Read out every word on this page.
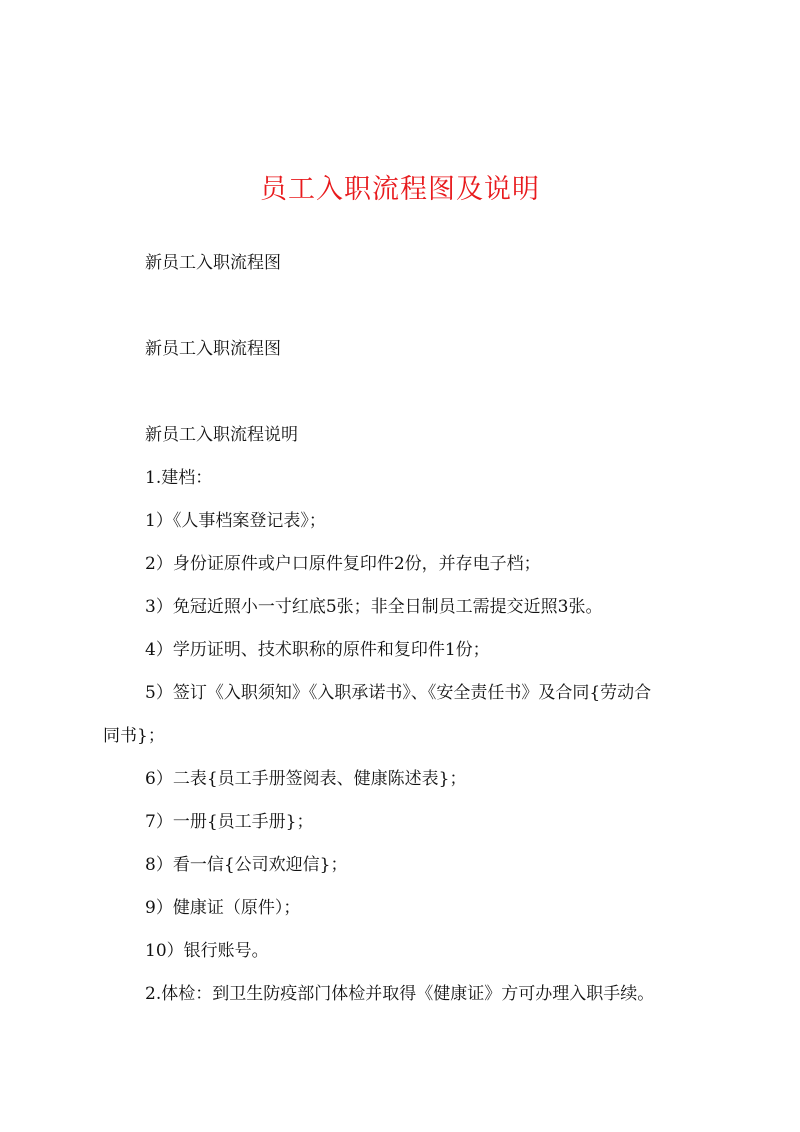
员工入职流程图及说明

新员工入职流程图

新员工入职流程图

新员工入职流程说明

1.建档：

1）《人事档案登记表》；

2）身份证原件或户口原件复印件2份，并存电子档；

3）免冠近照小一寸红底5张；非全日制员工需提交近照3张。

4）学历证明、技术职称的原件和复印件1份；

5）签订《入职须知》《入职承诺书》、《安全责任书》及合同{劳动合

同书}；

6）二表{员工手册签阅表、健康陈述表}；

7）一册{员工手册}；

8）看一信{公司欢迎信}；

9）健康证（原件）；

10）银行账号。

2.体检：到卫生防疫部门体检并取得《健康证》方可办理入职手续。
